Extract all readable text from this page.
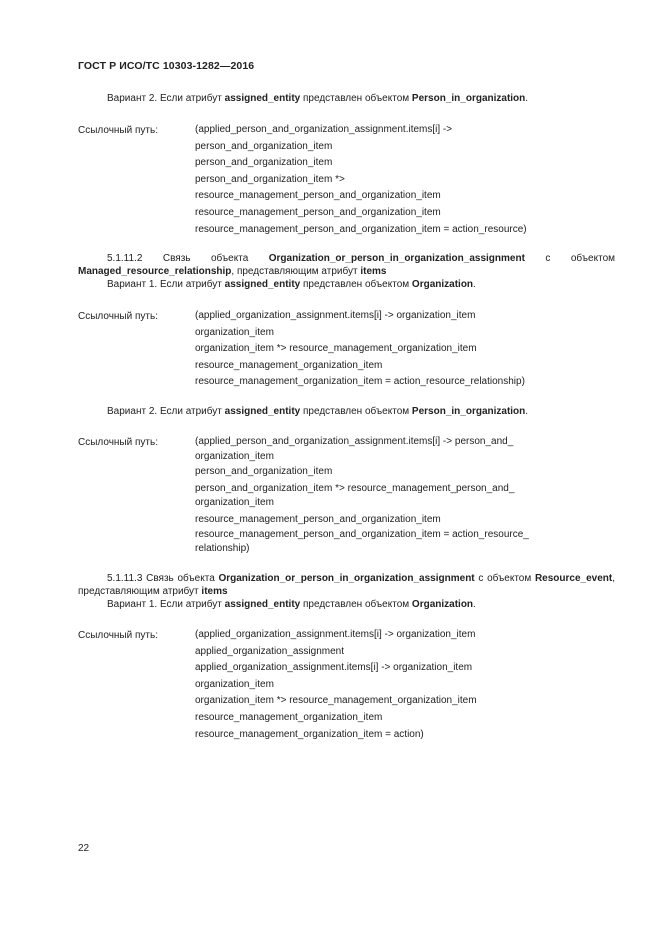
ГОСТ Р ИСО/ТС 10303-1282—2016
Вариант 2. Если атрибут assigned_entity представлен объектом Person_in_organization.
Ссылочный путь:	(applied_person_and_organization_assignment.items[i] ->
person_and_organization_item
person_and_organization_item
person_and_organization_item *>
resource_management_person_and_organization_item
resource_management_person_and_organization_item
resource_management_person_and_organization_item = action_resource)
5.1.11.2 Связь объекта Organization_or_person_in_organization_assignment с объектом Managed_resource_relationship, представляющим атрибут items
Вариант 1. Если атрибут assigned_entity представлен объектом Organization.
Ссылочный путь:	(applied_organization_assignment.items[i] -> organization_item
organization_item
organization_item *> resource_management_organization_item
resource_management_organization_item
resource_management_organization_item = action_resource_relationship)
Вариант 2. Если атрибут assigned_entity представлен объектом Person_in_organization.
Ссылочный путь:	(applied_person_and_organization_assignment.items[i] -> person_and_
organization_item
person_and_organization_item
person_and_organization_item *> resource_management_person_and_
organization_item
resource_management_person_and_organization_item
resource_management_person_and_organization_item = action_resource_
relationship)
5.1.11.3 Связь объекта Organization_or_person_in_organization_assignment с объектом Resource_event, представляющим атрибут items
Вариант 1. Если атрибут assigned_entity представлен объектом Organization.
Ссылочный путь:	(applied_organization_assignment.items[i] -> organization_item
applied_organization_assignment
applied_organization_assignment.items[i] -> organization_item
organization_item
organization_item *> resource_management_organization_item
resource_management_organization_item
resource_management_organization_item = action)
22
